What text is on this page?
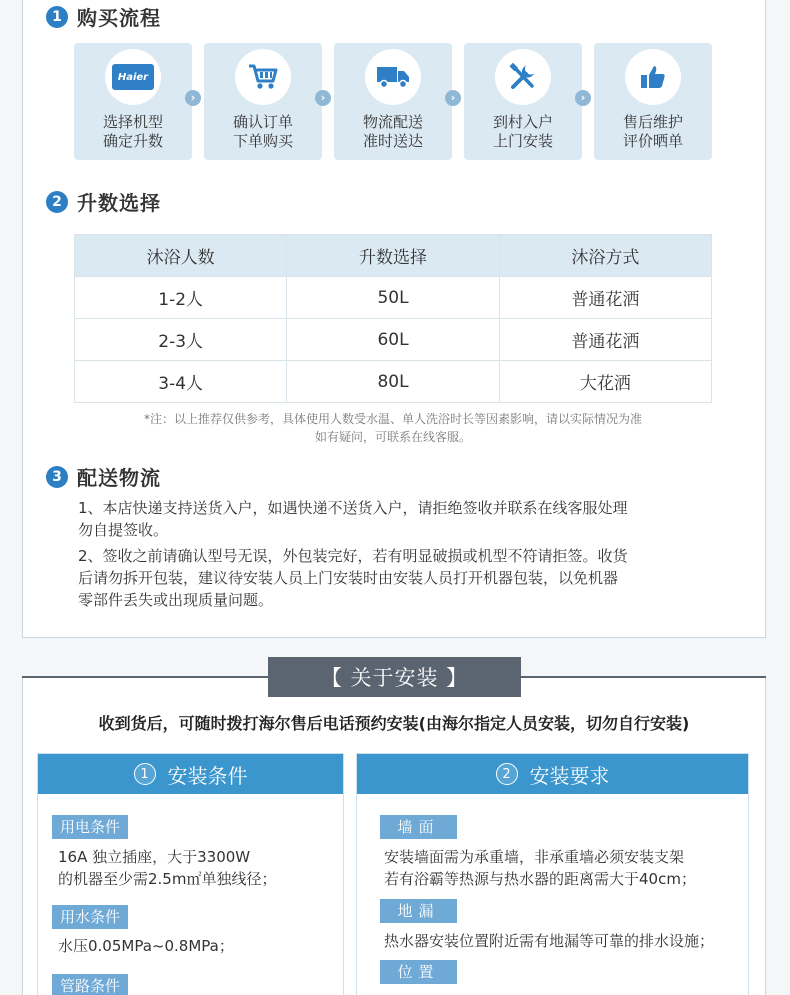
1 购买流程
Haier
选择机型
确定升数
›
确认订单
下单购买
›
物流配送
准时送达
›
到村入户
上门安装
›
售后维护
评价晒单
2 升数选择
沐浴人数	升数选择	沐浴方式
1-2人	50L	普通花洒
2-3人	60L	普通花洒
3-4人	80L	大花洒
*注：以上推荐仅供参考，具体使用人数受水温、单人洗浴时长等因素影响，请以实际情况为准
如有疑问，可联系在线客服。
3 配送物流
1、本店快递支持送货入户，如遇快递不送货入户，请拒绝签收并联系在线客服处理
勿自提签收。
2、签收之前请确认型号无误，外包装完好，若有明显破损或机型不符请拒签。收货
后请勿拆开包装，建议待安装人员上门安装时由安装人员打开机器包装，以免机器
零部件丢失或出现质量问题。
【 关于安装 】
收到货后，可随时拨打海尔售后电话预约安装(由海尔指定人员安装，切勿自行安装)
1 安装条件
用电条件
16A 独立插座，大于3300W
的机器至少需2.5m㎡单独线径；
用水条件
水压0.05MPa~0.8MPa；
管路条件
2 安装要求
墙面
安装墙面需为承重墙，非承重墙必须安装支架
若有浴霸等热源与热水器的距离需大于40cm；
地漏
热水器安装位置附近需有地漏等可靠的排水设施；
位置
